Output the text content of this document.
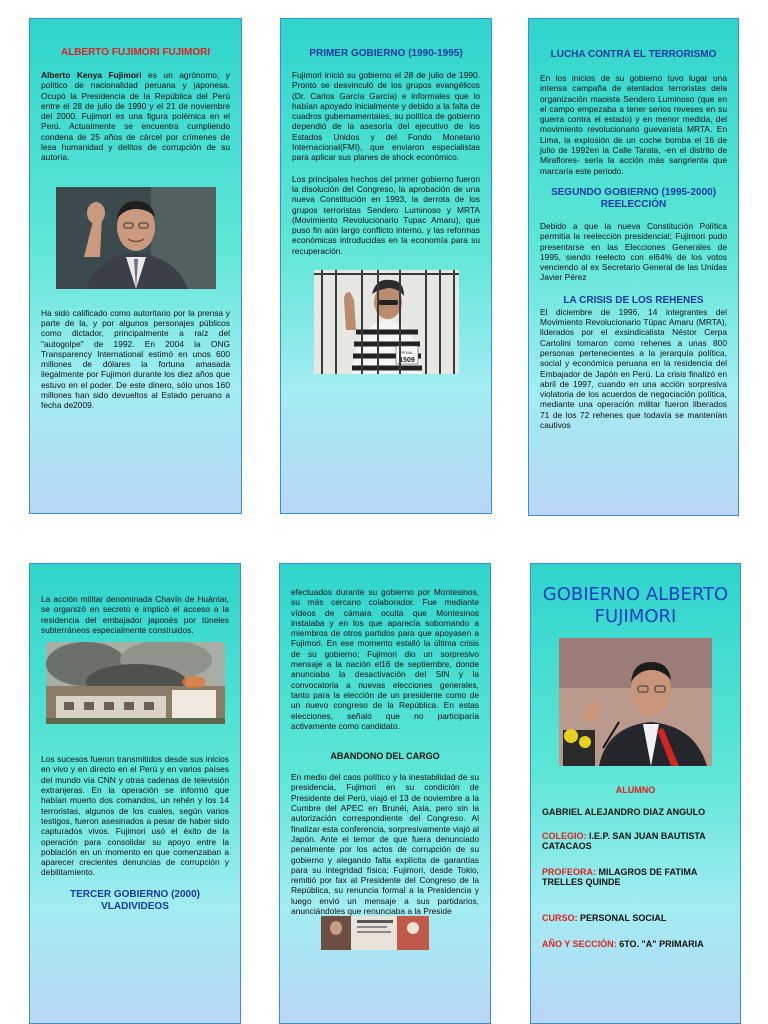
ALBERTO FUJIMORI FUJIMORI

Alberto Kenya Fujimori es un agrónomo, y político de nacionalidad peruana y japonesa. Ocupó la Presidencia de la República del Perú entre el 28 de julio de 1990 y el 21 de noviembre del 2000. Fujimori es una figura polémica en el Perú. Actualmente se encuentra cumpliendo condena de 25 años de cárcel por crímenes de lesa humanidad y delitos de corrupción de su autoría.

Ha sido calificado como autoritario por la prensa y parte de la, y por algunos personajes públicos como dictador, principalmente a raíz del "autogolpe" de 1992. En 2004 la ONG Transparency International estimó en unos 600 millones de dólares la fortuna amasada ilegalmente por Fujimori durante los diez años que estuvo en el poder. De este dinero, sólo unos 160 millones han sido devueltos al Estado peruano a fecha de2009.

PRIMER GOBIERNO (1990-1995)

Fujimori inició su gobierno el 28 de julio de 1990. Pronto se desvinculó de los grupos evangélicos (Dr. Carlos García García) e informales que lo habían apoyado inicialmente y debido a la falta de cuadros gubernamentales, su política de gobierno dependió de la asesoría del ejecutivo de los Estados Unidos y del Fondo Monetario Internacional(FMI), que enviaron especialistas para aplicar sus planes de shock económico.

Los principales hechos del primer gobierno fueron la disolución del Congreso, la aprobación de una nueva Constitución en 1993, la derrota de los grupos terroristas Sendero Luminoso y MRTA (Movimiento Revolucionario Tupac Amaru), que puso fin aún largo conflicto interno, y las reformas económicas introducidas en la economía para su recuperación.

PENAL
1509

LUCHA CONTRA EL TERRORISMO

En los inicios de su gobierno tuvo lugar una intensa campaña de atentados terroristas dela organización maoista Sendero Luminoso (que en el campo empezaba a tener serios reveses en su guerra contra el estado) y en menor medida, del movimiento revolucionario guevarista MRTA. En Lima, la explosión de un coche bomba el 16 de julio de 1992en la Calle Tarata, -en el distrito de Miraflores- sería la acción más sangrienta que marcaría este periodo.

SEGUNDO GOBIERNO (1995-2000) REELECCIÓN

Debido a que la nueva Constitución Política permitía la reelección presidencial; Fujimori pudo presentarse en las Elecciones Generales de 1995, siendo reelecto con el64% de los votos venciendo al ex Secretario General de las Unidas Javier Pérez

LA CRISIS DE LOS REHENES

El diciembre de 1996, 14 integrantes del Movimiento Revolucionario Túpac Amaru (MRTA), liderados por el exsindicalista Néstor Cerpa Cartolini tomaron como rehenes a unas 800 personas pertenecientes a la jerarquía política, social y económica peruana en la residencia del Embajador de Japón en Perú. La crisis finalizó en abril de 1997, cuando en una acción sorpresiva violatoria de los acuerdos de negociación política, mediante una operación militar fueron liberados 71 de los 72 rehenes que todavía se mantenían cautivos

La acción militar denominada Chavín de Huántar, se organizó en secreto e implicó el acceso a la residencia del embajador japonés por túneles subterráneos especialmente construidos.

Los sucesos fueron transmitidos desde sus inicios en vivo y en directo en el Perú y en varios países del mundo vía CNN y otras cadenas de televisión extranjeras. En la operación se informó que habían muerto dos comandos, un rehén y los 14 terroristas, algunos de los cuales, según varios testigos, fueron asesinados a pesar de haber sido capturados vivos. Fujimori usó el éxito de la operación para consolidar su apoyo entre la población en un momento en que comenzaban a aparecer crecientes denuncias de corrupción y debilitamiento.

TERCER GOBIERNO (2000) VLADIVIDEOS

efectuados durante su gobierno por Montesinos, su más cercano colaborador. Fue mediante vídeos de cámara oculta que Montesinos instalaba y en los que aparecía sobornando a miembros de otros partidos para que apoyasen a Fujimori. En ese momento estalló la última crisis de su gobierno; Fujimori dio un sorpresivo mensaje a la nación el16 de septiembre, donde anunciaba la desactivación del SIN y la convocatoria a nuevas elecciones generales, tanto para la elección de un presidente como de un nuevo congreso de la República. En estas elecciones, señaló que no participaría activamente como candidato.

ABANDONO DEL CARGO

En medio del caos político y la inestabilidad de su presidencia, Fujimori en su condición de Presidente del Perú, viajó el 13 de noviembre a la Cumbre del APEC en Brunéi, Asia, pero sin la autorización correspondiente del Congreso. Al finalizar esta conferencia, sorpresivamente viajó al Japón. Ante el temor de que fuera denunciado penalmente por los actos de corrupción de su gobierno y alegando falta explícita de garantías para su integridad física; Fujimori, desde Tokio, remitió por fax al Presidente del Congreso de la República, su renuncia formal a la Presidencia y luego envió un mensaje a sus partidarios, anunciándoles que renunciaba a la Preside

GOBIERNO ALBERTO FUJIMORI

ALUMNO

GABRIEL ALEJANDRO DIAZ ANGULO

COLEGIO: I.E.P. SAN JUAN BAUTISTA CATACAOS

PROFEORA: MILAGROS DE FATIMA TRELLES QUINDE

CURSO: PERSONAL SOCIAL

AÑO Y SECCIÓN: 6TO. "A" PRIMARIA
